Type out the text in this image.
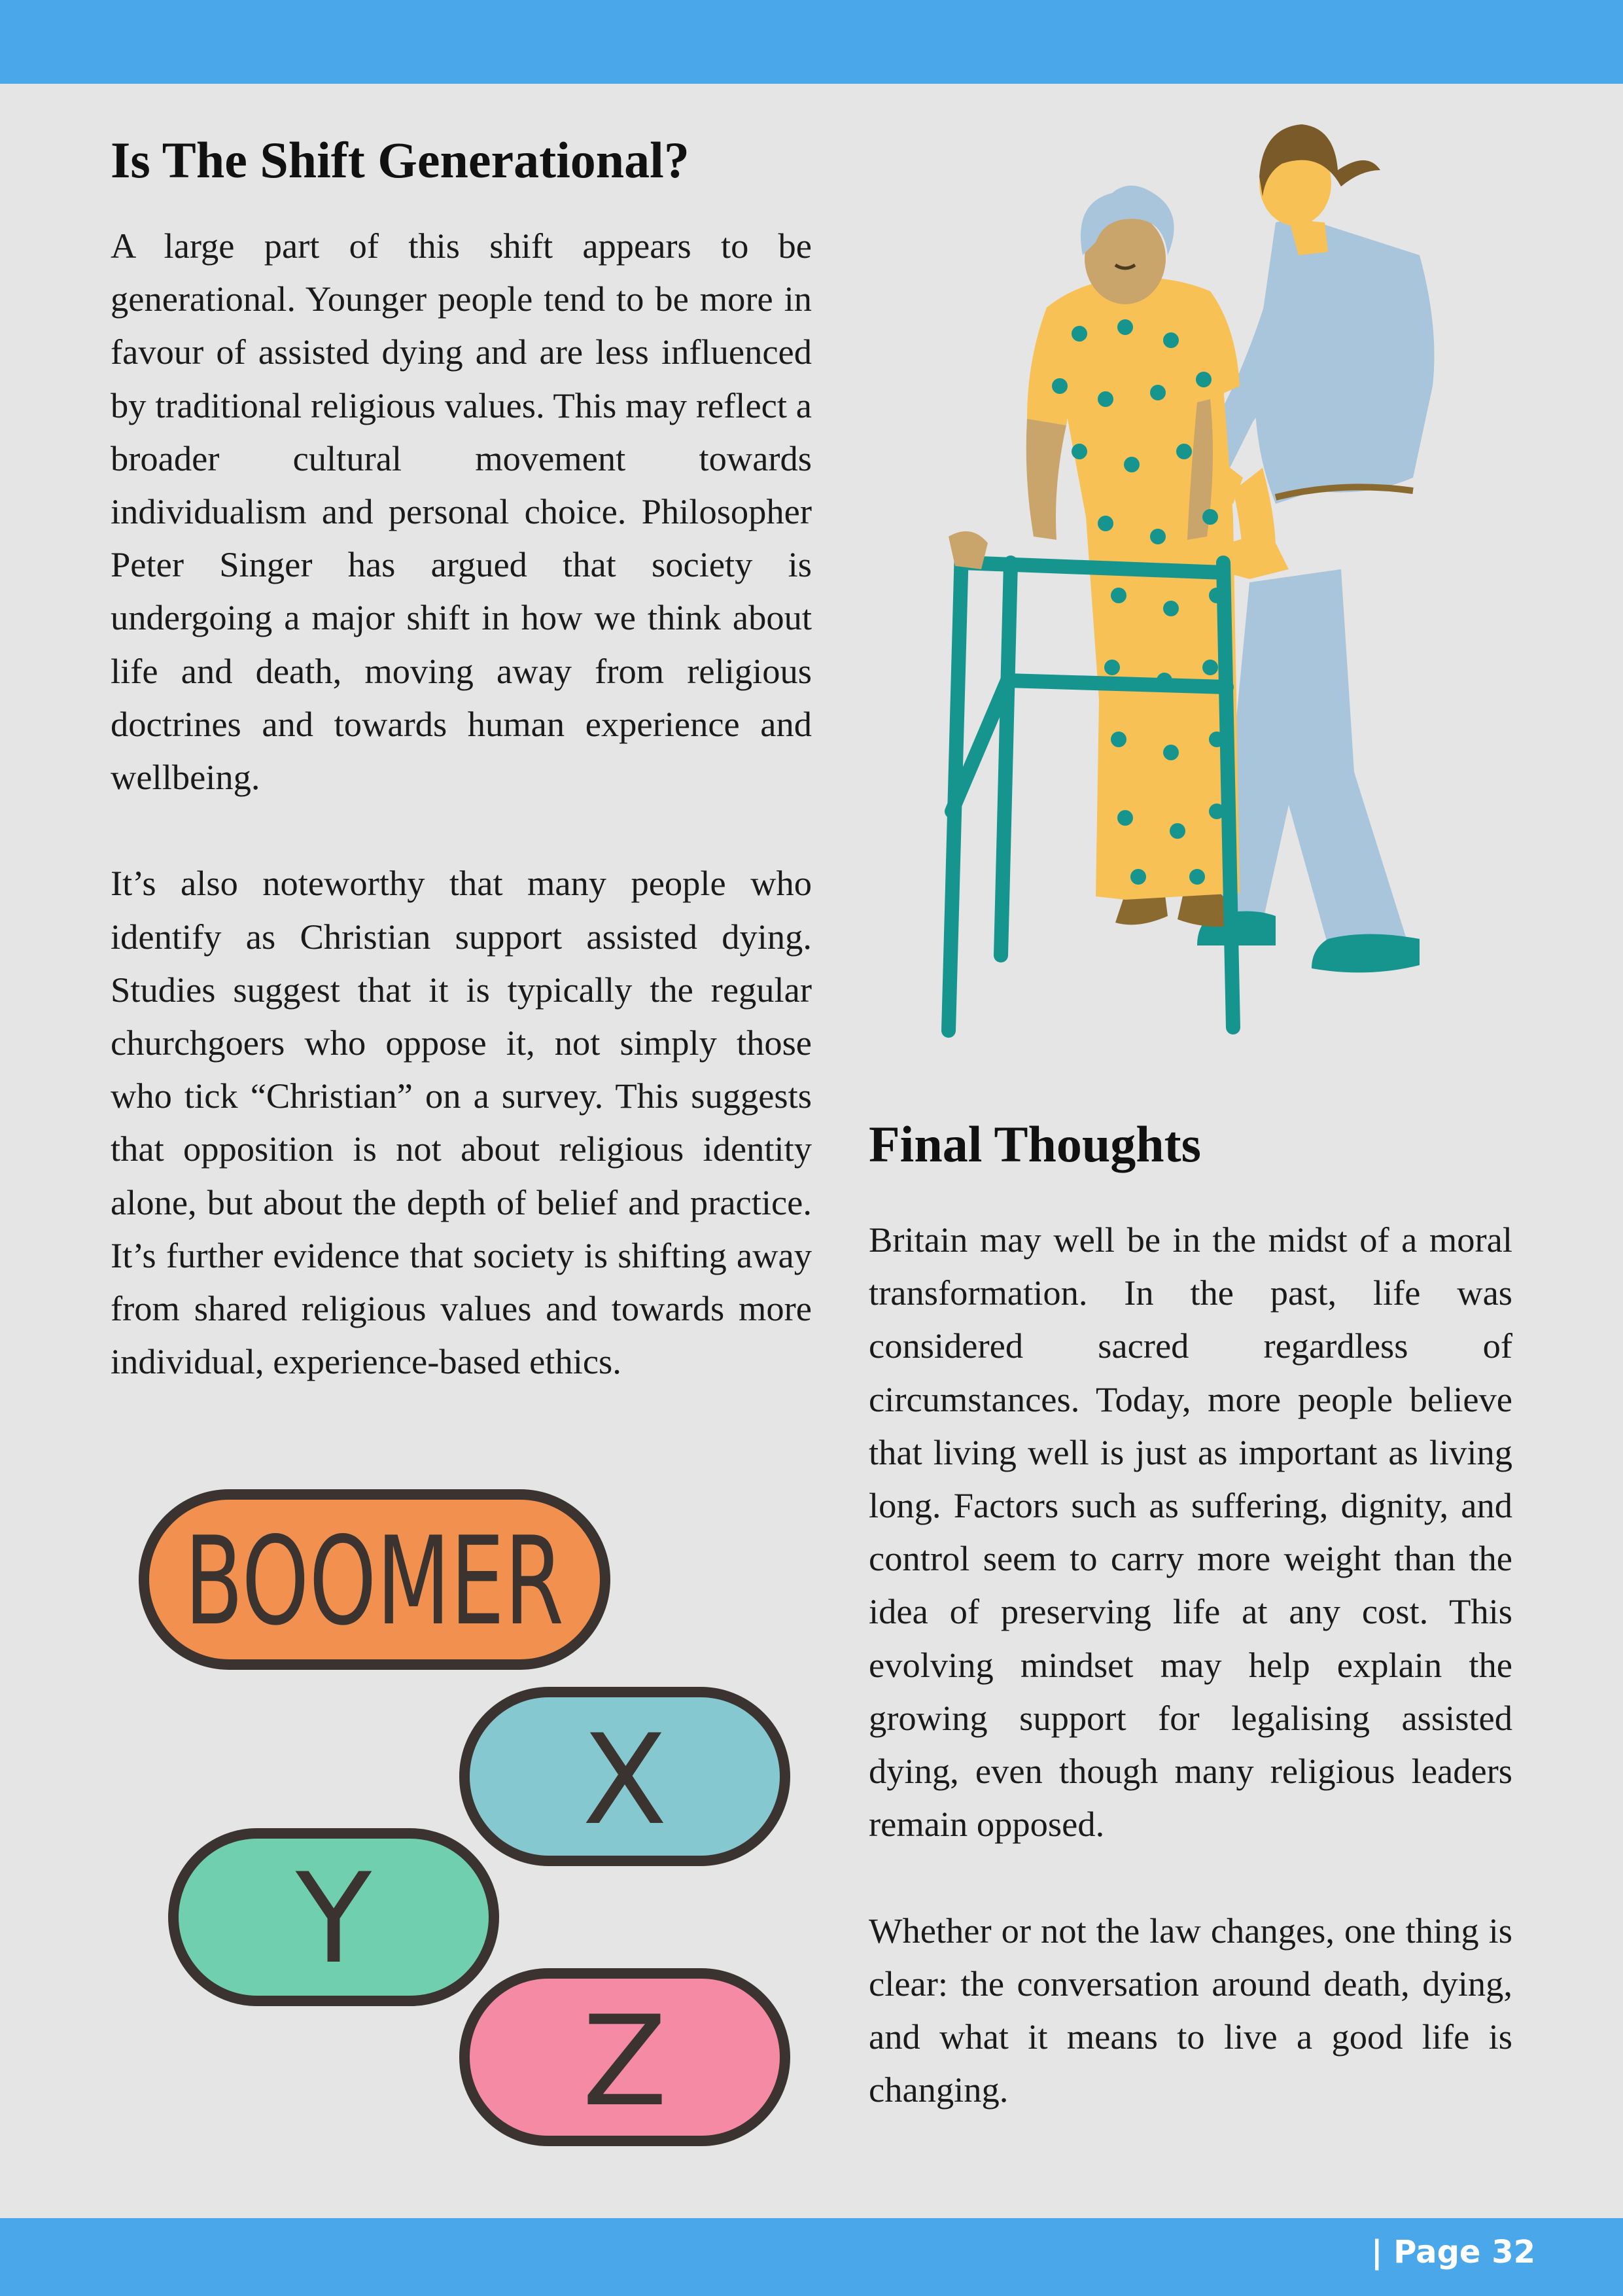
Is The Shift Generational?

A large part of this shift appears to be generational. Younger people tend to be more in favour of assisted dying and are less influenced by traditional religious values. This may reflect a broader cultural movement towards individualism and personal choice. Philosopher Peter Singer has argued that society is undergoing a major shift in how we think about life and death, moving away from religious doctrines and towards human experience and wellbeing.

It’s also noteworthy that many people who identify as Christian support assisted dying. Studies suggest that it is typically the regular churchgoers who oppose it, not simply those who tick “Christian” on a survey. This suggests that opposition is not about religious identity alone, but about the depth of belief and practice. It’s further evidence that society is shifting away from shared religious values and towards more individual, experience-based ethics.

Final Thoughts

Britain may well be in the midst of a moral transformation. In the past, life was considered sacred regardless of circumstances. Today, more people believe that living well is just as important as living long. Factors such as suffering, dignity, and control seem to carry more weight than the idea of preserving life at any cost. This evolving mindset may help explain the growing support for legalising assisted dying, even though many religious leaders remain opposed.

Whether or not the law changes, one thing is clear: the conversation around death, dying, and what it means to live a good life is changing.

BOOMER
X
Y
Z
| Page 32
